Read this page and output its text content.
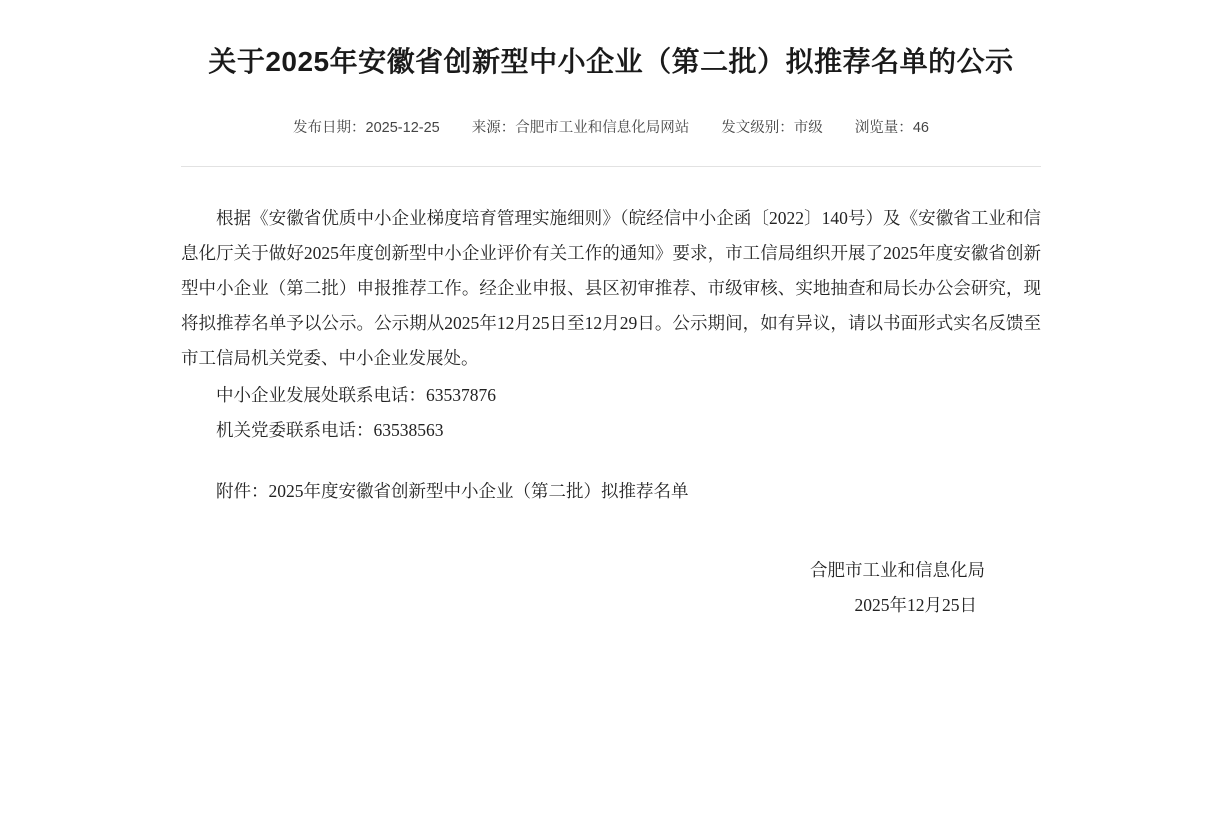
关于2025年安徽省创新型中小企业（第二批）拟推荐名单的公示
发布日期：2025-12-25 来源：合肥市工业和信息化局网站 发文级别：市级 浏览量：46

根据《安徽省优质中小企业梯度培育管理实施细则》（皖经信中小企函〔2022〕140号）及《安徽省工业和信息化厅关于做好2025年度创新型中小企业评价有关工作的通知》要求，市工信局组织开展了2025年度安徽省创新型中小企业（第二批）申报推荐工作。经企业申报、县区初审推荐、市级审核、实地抽查和局长办公会研究，现将拟推荐名单予以公示。公示期从2025年12月25日至12月29日。公示期间，如有异议，请以书面形式实名反馈至市工信局机关党委、中小企业发展处。

中小企业发展处联系电话：63537876

机关党委联系电话：63538563

附件：2025年度安徽省创新型中小企业（第二批）拟推荐名单

合肥市工业和信息化局
2025年12月25日
